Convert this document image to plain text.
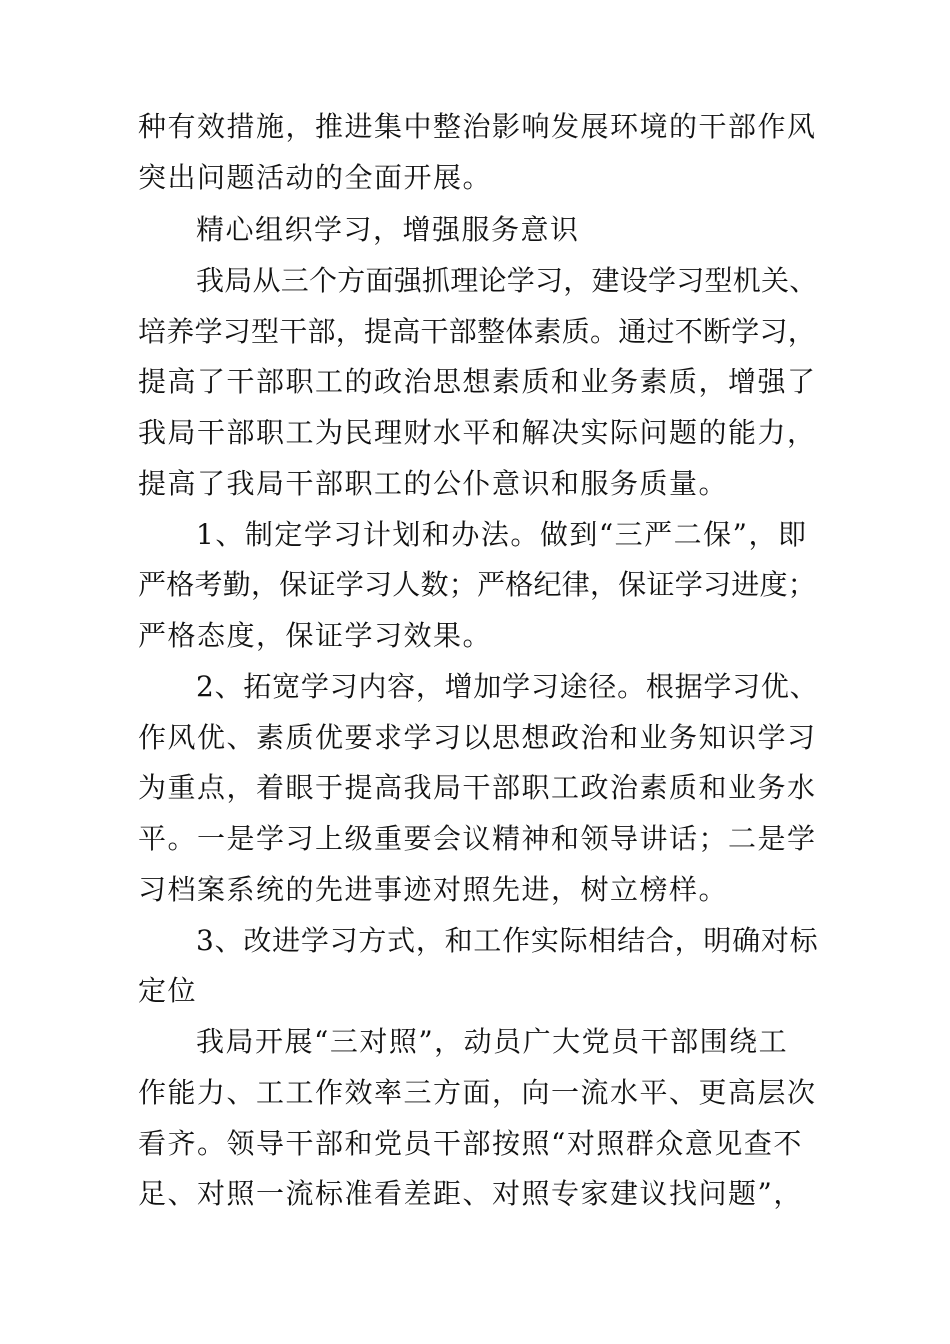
种有效措施，推进集中整治影响发展环境的干部作风
突出问题活动的全面开展。
精心组织学习，增强服务意识
我局从三个方面强抓理论学习，建设学习型机关、
培养学习型干部，提高干部整体素质。通过不断学习，
提高了干部职工的政治思想素质和业务素质，增强了
我局干部职工为民理财水平和解决实际问题的能力，
提高了我局干部职工的公仆意识和服务质量。
1、制定学习计划和办法。做到“三严二保”，即
严格考勤，保证学习人数；严格纪律，保证学习进度；
严格态度，保证学习效果。
2、拓宽学习内容，增加学习途径。根据学习优、
作风优、素质优要求学习以思想政治和业务知识学习
为重点，着眼于提高我局干部职工政治素质和业务水
平。一是学习上级重要会议精神和领导讲话；二是学
习档案系统的先进事迹对照先进，树立榜样。
3、改进学习方式，和工作实际相结合，明确对标
定位
我局开展“三对照”，动员广大党员干部围绕工
作能力、工工作效率三方面，向一流水平、更高层次
看齐。领导干部和党员干部按照“对照群众意见查不
足、对照一流标准看差距、对照专家建议找问题”，
